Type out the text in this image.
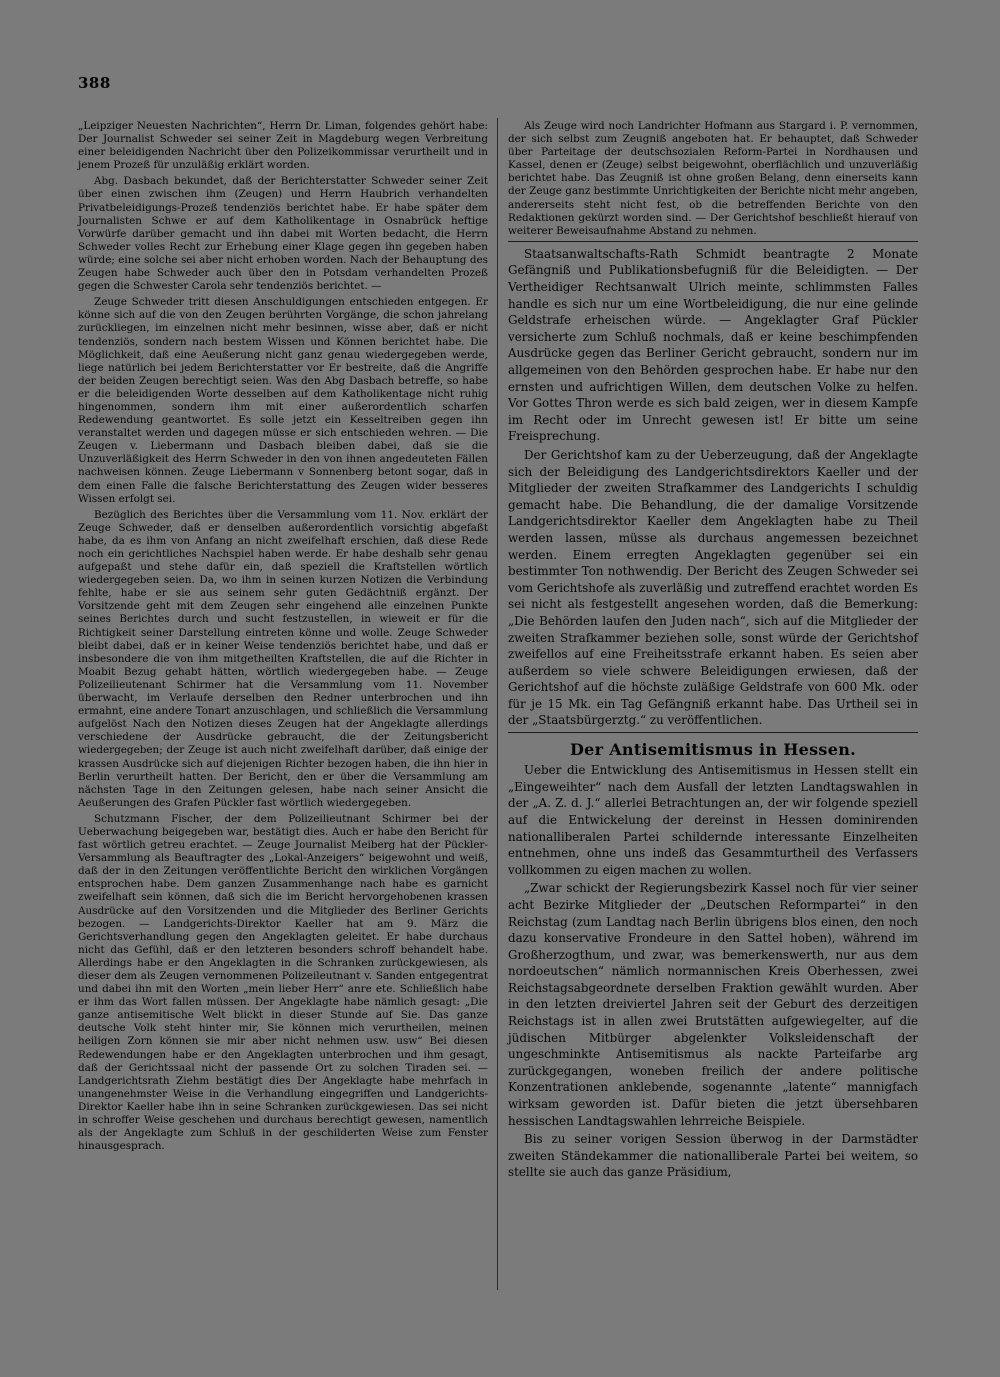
388

„Leipziger Neuesten Nachrichten“, Herrn Dr. Liman, folgendes gehört habe: Der Journalist Schweder sei seiner Zeit in Magdeburg wegen Verbreitung einer beleidigenden Nachricht über den Polizeikommissar verurtheilt und in jenem Prozeß für unzuläßig erklärt worden.

Abg. Dasbach bekundet, daß der Berichterstatter Schweder seiner Zeit über einen zwischen ihm (Zeugen) und Herrn Haubrich verhandelten Privatbeleidigungs-Prozeß tendenziös berichtet habe. Er habe später dem Journalisten Schwe er auf dem Katholikentage in Osnabrück heftige Vorwürfe darüber gemacht und ihn dabei mit Worten bedacht, die Herrn Schweder volles Recht zur Erhebung einer Klage gegen ihn gegeben haben würde; eine solche sei aber nicht erhoben worden. Nach der Behauptung des Zeugen habe Schweder auch über den in Potsdam verhandelten Prozeß gegen die Schwester Carola sehr tendenziös berichtet. —

Zeuge Schweder tritt diesen Anschuldigungen entschieden entgegen. Er könne sich auf die von den Zeugen berührten Vorgänge, die schon jahrelang zurückliegen, im einzelnen nicht mehr besinnen, wisse aber, daß er nicht tendenziös, sondern nach bestem Wissen und Können berichtet habe. Die Möglichkeit, daß eine Aeußerung nicht ganz genau wiedergegeben werde, liege natürlich bei jedem Berichterstatter vor Er bestreite, daß die Angriffe der beiden Zeugen berechtigt seien. Was den Abg Dasbach betreffe, so habe er die beleidigenden Worte desselben auf dem Katholikentage nicht ruhig hingenommen, sondern ihm mit einer außerordentlich scharfen Redewendung geantwortet. Es solle jetzt ein Kesseltreiben gegen ihn veranstaltet werden und dagegen müsse er sich entschieden wehren. — Die Zeugen v. Liebermann und Dasbach bleiben dabei, daß sie die Unzuverläßigkeit des Herrn Schweder in den von ihnen angedeuteten Fällen nachweisen können. Zeuge Liebermann v Sonnenberg betont sogar, daß in dem einen Falle die falsche Berichterstattung des Zeugen wider besseres Wissen erfolgt sei.

Bezüglich des Berichtes über die Versammlung vom 11. Nov. erklärt der Zeuge Schweder, daß er denselben außerordentlich vorsichtig abgefaßt habe, da es ihm von Anfang an nicht zweifelhaft erschien, daß diese Rede noch ein gerichtliches Nachspiel haben werde. Er habe deshalb sehr genau aufgepaßt und stehe dafür ein, daß speziell die Kraftstellen wörtlich wiedergegeben seien. Da, wo ihm in seinen kurzen Notizen die Verbindung fehlte, habe er sie aus seinem sehr guten Gedächtniß ergänzt. Der Vorsitzende geht mit dem Zeugen sehr eingehend alle einzelnen Punkte seines Berichtes durch und sucht festzustellen, in wieweit er für die Richtigkeit seiner Darstellung eintreten könne und wolle. Zeuge Schweder bleibt dabei, daß er in keiner Weise tendenziös berichtet habe, und daß er insbesondere die von ihm mitgetheilten Kraftstellen, die auf die Richter in Moabit Bezug gehabt hätten, wörtlich wiedergegeben habe. — Zeuge Polizeilieutenant Schirmer hat die Versammlung vom 11. November überwacht, im Verlaufe derselben den Redner unterbrochen und ihn ermahnt, eine andere Tonart anzuschlagen, und schließlich die Versammlung aufgelöst Nach den Notizen dieses Zeugen hat der Angeklagte allerdings verschiedene der Ausdrücke gebraucht, die der Zeitungsbericht wiedergegeben; der Zeuge ist auch nicht zweifelhaft darüber, daß einige der krassen Ausdrücke sich auf diejenigen Richter bezogen haben, die ihn hier in Berlin verurtheilt hatten. Der Bericht, den er über die Versammlung am nächsten Tage in den Zeitungen gelesen, habe nach seiner Ansicht die Aeußerungen des Grafen Pückler fast wörtlich wiedergegeben.

Schutzmann Fischer, der dem Polizeilieutnant Schirmer bei der Ueberwachung beigegeben war, bestätigt dies. Auch er habe den Bericht für fast wörtlich getreu erachtet. — Zeuge Journalist Meiberg hat der Pückler-Versammlung als Beauftragter des „Lokal-Anzeigers“ beigewohnt und weiß, daß der in den Zeitungen veröffentlichte Bericht den wirklichen Vorgängen entsprochen habe. Dem ganzen Zusammenhange nach habe es garnicht zweifelhaft sein können, daß sich die im Bericht hervorgehobenen krassen Ausdrücke auf den Vorsitzenden und die Mitglieder des Berliner Gerichts bezogen. — Landgerichts-Direktor Kaeller hat am 9. März die Gerichtsverhandlung gegen den Angeklagten geleitet. Er habe durchaus nicht das Gefühl, daß er den letzteren besonders schroff behandelt habe. Allerdings habe er den Angeklagten in die Schranken zurückgewiesen, als dieser dem als Zeugen vernommenen Polizeileutnant v. Sanden entgegentrat und dabei ihn mit den Worten „mein lieber Herr“ anre ete. Schließlich habe er ihm das Wort fallen müssen. Der Angeklagte habe nämlich gesagt: „Die ganze antisemitische Welt blickt in dieser Stunde auf Sie. Das ganze deutsche Volk steht hinter mir, Sie können mich verurtheilen, meinen heiligen Zorn können sie mir aber nicht nehmen usw. usw“ Bei diesen Redewendungen habe er den Angeklagten unterbrochen und ihm gesagt, daß der Gerichtssaal nicht der passende Ort zu solchen Tiraden sei. — Landgerichtsrath Ziehm bestätigt dies Der Angeklagte habe mehrfach in unangenehmster Weise in die Verhandlung eingegriffen und Landgerichts-Direktor Kaeller habe ihn in seine Schranken zurückgewiesen. Das sei nicht in schroffer Weise geschehen und durchaus berechtigt gewesen, namentlich als der Angeklagte zum Schluß in der geschilderten Weise zum Fenster hinausgesprach.

Als Zeuge wird noch Landrichter Hofmann aus Stargard i. P. vernommen, der sich selbst zum Zeugniß angeboten hat. Er behauptet, daß Schweder über Parteitage der deutschsozialen Reform-Partei in Nordhausen und Kassel, denen er (Zeuge) selbst beigewohnt, oberflächlich und unzuverläßig berichtet habe. Das Zeugniß ist ohne großen Belang, denn einerseits kann der Zeuge ganz bestimmte Unrichtigkeiten der Berichte nicht mehr angeben, andererseits steht nicht fest, ob die betreffenden Berichte von den Redaktionen gekürzt worden sind. — Der Gerichtshof beschließt hierauf von weiterer Beweisaufnahme Abstand zu nehmen.

Staatsanwaltschafts-Rath Schmidt beantragte 2 Monate Gefängniß und Publikationsbefugniß für die Beleidigten. — Der Vertheidiger Rechtsanwalt Ulrich meinte, schlimmsten Falles handle es sich nur um eine Wortbeleidigung, die nur eine gelinde Geldstrafe erheischen würde. — Angeklagter Graf Pückler versicherte zum Schluß nochmals, daß er keine beschimpfenden Ausdrücke gegen das Berliner Gericht gebraucht, sondern nur im allgemeinen von den Behörden gesprochen habe. Er habe nur den ernsten und aufrichtigen Willen, dem deutschen Volke zu helfen. Vor Gottes Thron werde es sich bald zeigen, wer in diesem Kampfe im Recht oder im Unrecht gewesen ist! Er bitte um seine Freisprechung.

Der Gerichtshof kam zu der Ueberzeugung, daß der Angeklagte sich der Beleidigung des Landgerichtsdirektors Kaeller und der Mitglieder der zweiten Strafkammer des Landgerichts I schuldig gemacht habe. Die Behandlung, die der damalige Vorsitzende Landgerichtsdirektor Kaeller dem Angeklagten habe zu Theil werden lassen, müsse als durchaus angemessen bezeichnet werden. Einem erregten Angeklagten gegenüber sei ein bestimmter Ton nothwendig. Der Bericht des Zeugen Schweder sei vom Gerichtshofe als zuverläßig und zutreffend erachtet worden Es sei nicht als festgestellt angesehen worden, daß die Bemerkung: „Die Behörden laufen den Juden nach“, sich auf die Mitglieder der zweiten Strafkammer beziehen solle, sonst würde der Gerichtshof zweifellos auf eine Freiheitsstrafe erkannt haben. Es seien aber außerdem so viele schwere Beleidigungen erwiesen, daß der Gerichtshof auf die höchste zuläßige Geldstrafe von 600 Mk. oder für je 15 Mk. ein Tag Gefängniß erkannt habe. Das Urtheil sei in der „Staatsbürgerztg.“ zu veröffentlichen.

Der Antisemitismus in Hessen.

Ueber die Entwicklung des Antisemitismus in Hessen stellt ein „Eingeweihter“ nach dem Ausfall der letzten Landtagswahlen in der „A. Z. d. J.“ allerlei Betrachtungen an, der wir folgende speziell auf die Entwickelung der dereinst in Hessen dominirenden nationalliberalen Partei schildernde interessante Einzelheiten entnehmen, ohne uns indeß das Gesammturtheil des Verfassers vollkommen zu eigen machen zu wollen.

„Zwar schickt der Regierungsbezirk Kassel noch für vier seiner acht Bezirke Mitglieder der „Deutschen Reformpartei“ in den Reichstag (zum Landtag nach Berlin übrigens blos einen, den noch dazu konservative Frondeure in den Sattel hoben), während im Großherzogthum, und zwar, was bemerkenswerth, nur aus dem nordoeutschen“ nämlich normannischen Kreis Oberhessen, zwei Reichstagsabgeordnete derselben Fraktion gewählt wurden. Aber in den letzten dreiviertel Jahren seit der Geburt des derzeitigen Reichstags ist in allen zwei Brutstätten aufgewiegelter, auf die jüdischen Mitbürger abgelenkter Volksleidenschaft der ungeschminkte Antisemitismus als nackte Parteifarbe arg zurückgegangen, woneben freilich der andere politische Konzentrationen anklebende, sogenannte „latente“ mannigfach wirksam geworden ist. Dafür bieten die jetzt übersehbaren hessischen Landtagswahlen lehrreiche Beispiele.

Bis zu seiner vorigen Session überwog in der Darmstädter zweiten Ständekammer die nationalliberale Partei bei weitem, so stellte sie auch das ganze Präsidium,
